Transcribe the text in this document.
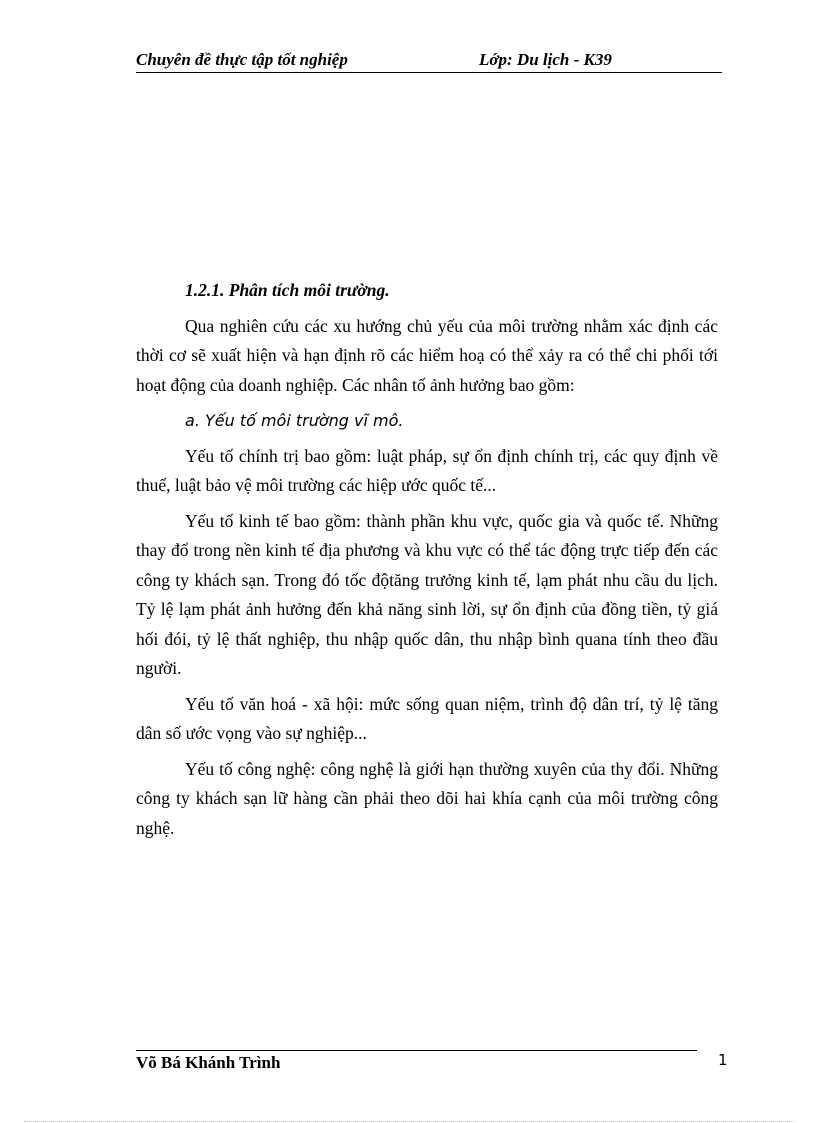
Chuyên đề thực tập tốt nghiệp	Lớp: Du lịch - K39

1.2.1. Phân tích môi trường.

Qua nghiên cứu các xu hướng chủ yếu của môi trường nhằm xác định các thời cơ sẽ xuất hiện và hạn định rõ các hiểm hoạ có thể xảy ra có thể chi phối tới hoạt động của doanh nghiệp. Các nhân tố ảnh hưởng bao gồm:

a. Yếu tố môi trường vĩ mô.

Yếu tố chính trị bao gồm: luật pháp, sự ổn định chính trị, các quy định về thuế, luật bảo vệ môi trường các hiệp ước quốc tế...

Yếu tố kinh tế bao gồm: thành phần khu vực, quốc gia và quốc tế. Những thay đổ trong nền kinh tế địa phương và khu vực có thể tác động trực tiếp đến các công ty khách sạn. Trong đó tốc độtăng trưởng kinh tế, lạm phát nhu cầu du lịch. Tỷ lệ lạm phát ảnh hưởng đến khả năng sinh lời, sự ổn định của đồng tiền, tỷ giá hối đói, tỷ lệ thất nghiệp, thu nhập quốc dân, thu nhập bình quana tính theo đầu người.

Yếu tố văn hoá - xã hội: mức sống quan niệm, trình độ dân trí, tỷ lệ tăng dân số ước vọng vào sự nghiệp...

Yếu tố công nghệ: công nghệ là giới hạn thường xuyên của thy đổi. Những công ty khách sạn lữ hàng cần phải theo dõi hai khía cạnh của môi trường công nghệ.

Võ Bá Khánh Trình	1
